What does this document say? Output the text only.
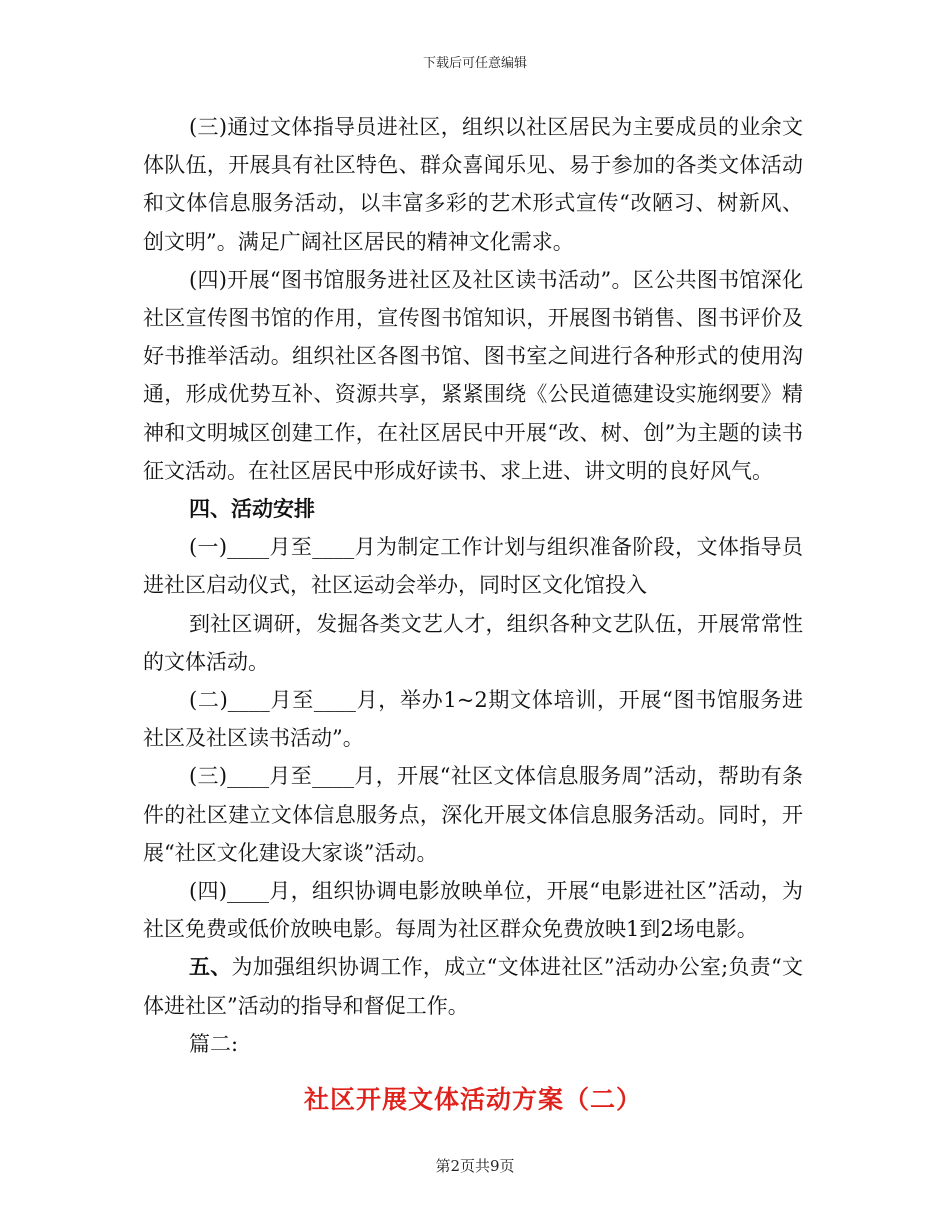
下载后可任意编辑

(三)通过文体指导员进社区，组织以社区居民为主要成员的业余文体队伍，开展具有社区特色、群众喜闻乐见、易于参加的各类文体活动和文体信息服务活动，以丰富多彩的艺术形式宣传“改陋习、树新风、创文明”。满足广阔社区居民的精神文化需求。

(四)开展“图书馆服务进社区及社区读书活动”。区公共图书馆深化社区宣传图书馆的作用，宣传图书馆知识，开展图书销售、图书评价及好书推举活动。组织社区各图书馆、图书室之间进行各种形式的使用沟通，形成优势互补、资源共享，紧紧围绕《公民道德建设实施纲要》精神和文明城区创建工作，在社区居民中开展“改、树、创”为主题的读书征文活动。在社区居民中形成好读书、求上进、讲文明的良好风气。

四、活动安排

(一)____月至____月为制定工作计划与组织准备阶段，文体指导员进社区启动仪式，社区运动会举办，同时区文化馆投入

到社区调研，发掘各类文艺人才，组织各种文艺队伍，开展常常性的文体活动。

(二)____月至____月，举办1~2期文体培训，开展“图书馆服务进社区及社区读书活动”。

(三)____月至____月，开展“社区文体信息服务周”活动，帮助有条件的社区建立文体信息服务点，深化开展文体信息服务活动。同时，开展“社区文化建设大家谈”活动。

(四)____月，组织协调电影放映单位，开展“电影进社区”活动，为社区免费或低价放映电影。每周为社区群众免费放映1到2场电影。

五、为加强组织协调工作，成立“文体进社区”活动办公室;负责“文体进社区”活动的指导和督促工作。

篇二:

社区开展文体活动方案（二）

第2页共9页
